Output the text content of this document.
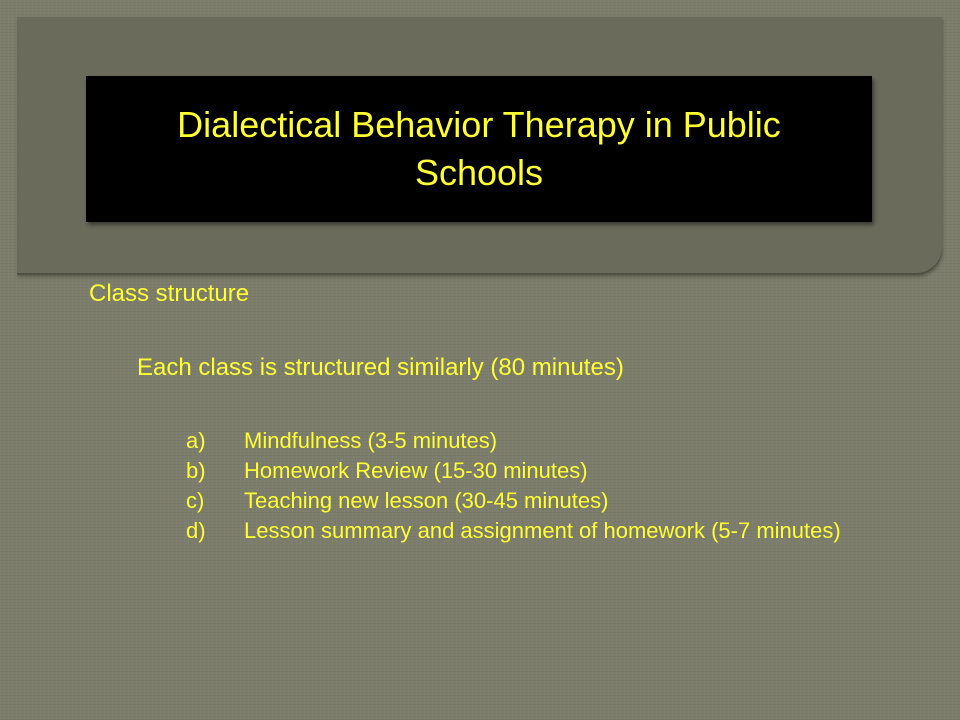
Dialectical Behavior Therapy in Public Schools
Class structure
Each class is structured similarly (80 minutes)
a)	Mindfulness (3-5 minutes)
b)	Homework Review (15-30 minutes)
c)	Teaching new lesson (30-45 minutes)
d)	Lesson summary and assignment of homework (5-7 minutes)
